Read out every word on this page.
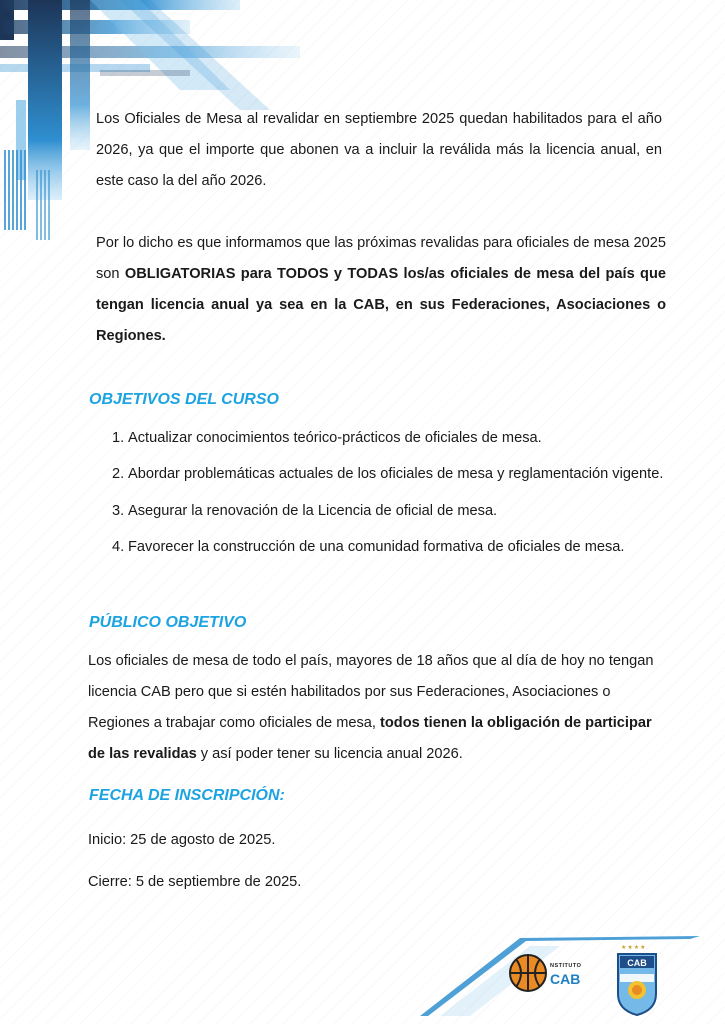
Los Oficiales de Mesa al revalidar en septiembre 2025 quedan habilitados para el año 2026, ya que el importe que abonen va a incluir la reválida más la licencia anual, en este caso la del año 2026.

Por lo dicho es que informamos que las próximas revalidas para oficiales de mesa 2025 son OBLIGATORIAS para TODOS y TODAS los/as oficiales de mesa del país que tengan licencia anual ya sea en la CAB, en sus Federaciones, Asociaciones o Regiones.

OBJETIVOS DEL CURSO
1. Actualizar conocimientos teórico-prácticos de oficiales de mesa.
2. Abordar problemáticas actuales de los oficiales de mesa y reglamentación vigente.
3. Asegurar la renovación de la Licencia de oficial de mesa.
4. Favorecer la construcción de una comunidad formativa de oficiales de mesa.
PÚBLICO OBJETIVO

Los oficiales de mesa de todo el país, mayores de 18 años que al día de hoy no tengan licencia CAB pero que si estén habilitados por sus Federaciones, Asociaciones o Regiones a trabajar como oficiales de mesa, todos tienen la obligación de participar de las revalidas y así poder tener su licencia anual 2026.

FECHA DE INSCRIPCIÓN:

Inicio: 25 de agosto de 2025.

Cierre: 5 de septiembre de 2025.

NSTITUTO
CAB
★★★★
CAB
